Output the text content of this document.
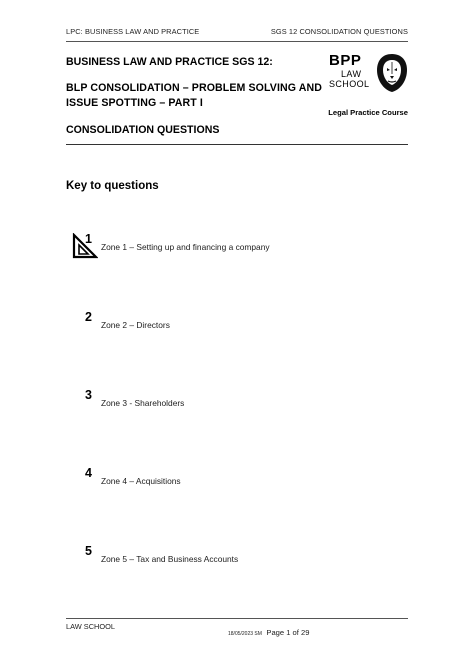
LPC: BUSINESS LAW AND PRACTICE	SGS 12 CONSOLIDATION QUESTIONS
BUSINESS LAW AND PRACTICE SGS 12:
BLP CONSOLIDATION – PROBLEM SOLVING AND ISSUE SPOTTING – PART I
CONSOLIDATION QUESTIONS
BPP
LAW
SCHOOL
Legal Practice Course
Key to questions
1
Zone 1 – Setting up and financing a company
2
Zone 2 – Directors
3
Zone 3 - Shareholders
4
Zone 4 – Acquisitions
5
Zone 5 – Tax and Business Accounts
LAW SCHOOL
18/05/2023 SM Page 1 of 29
